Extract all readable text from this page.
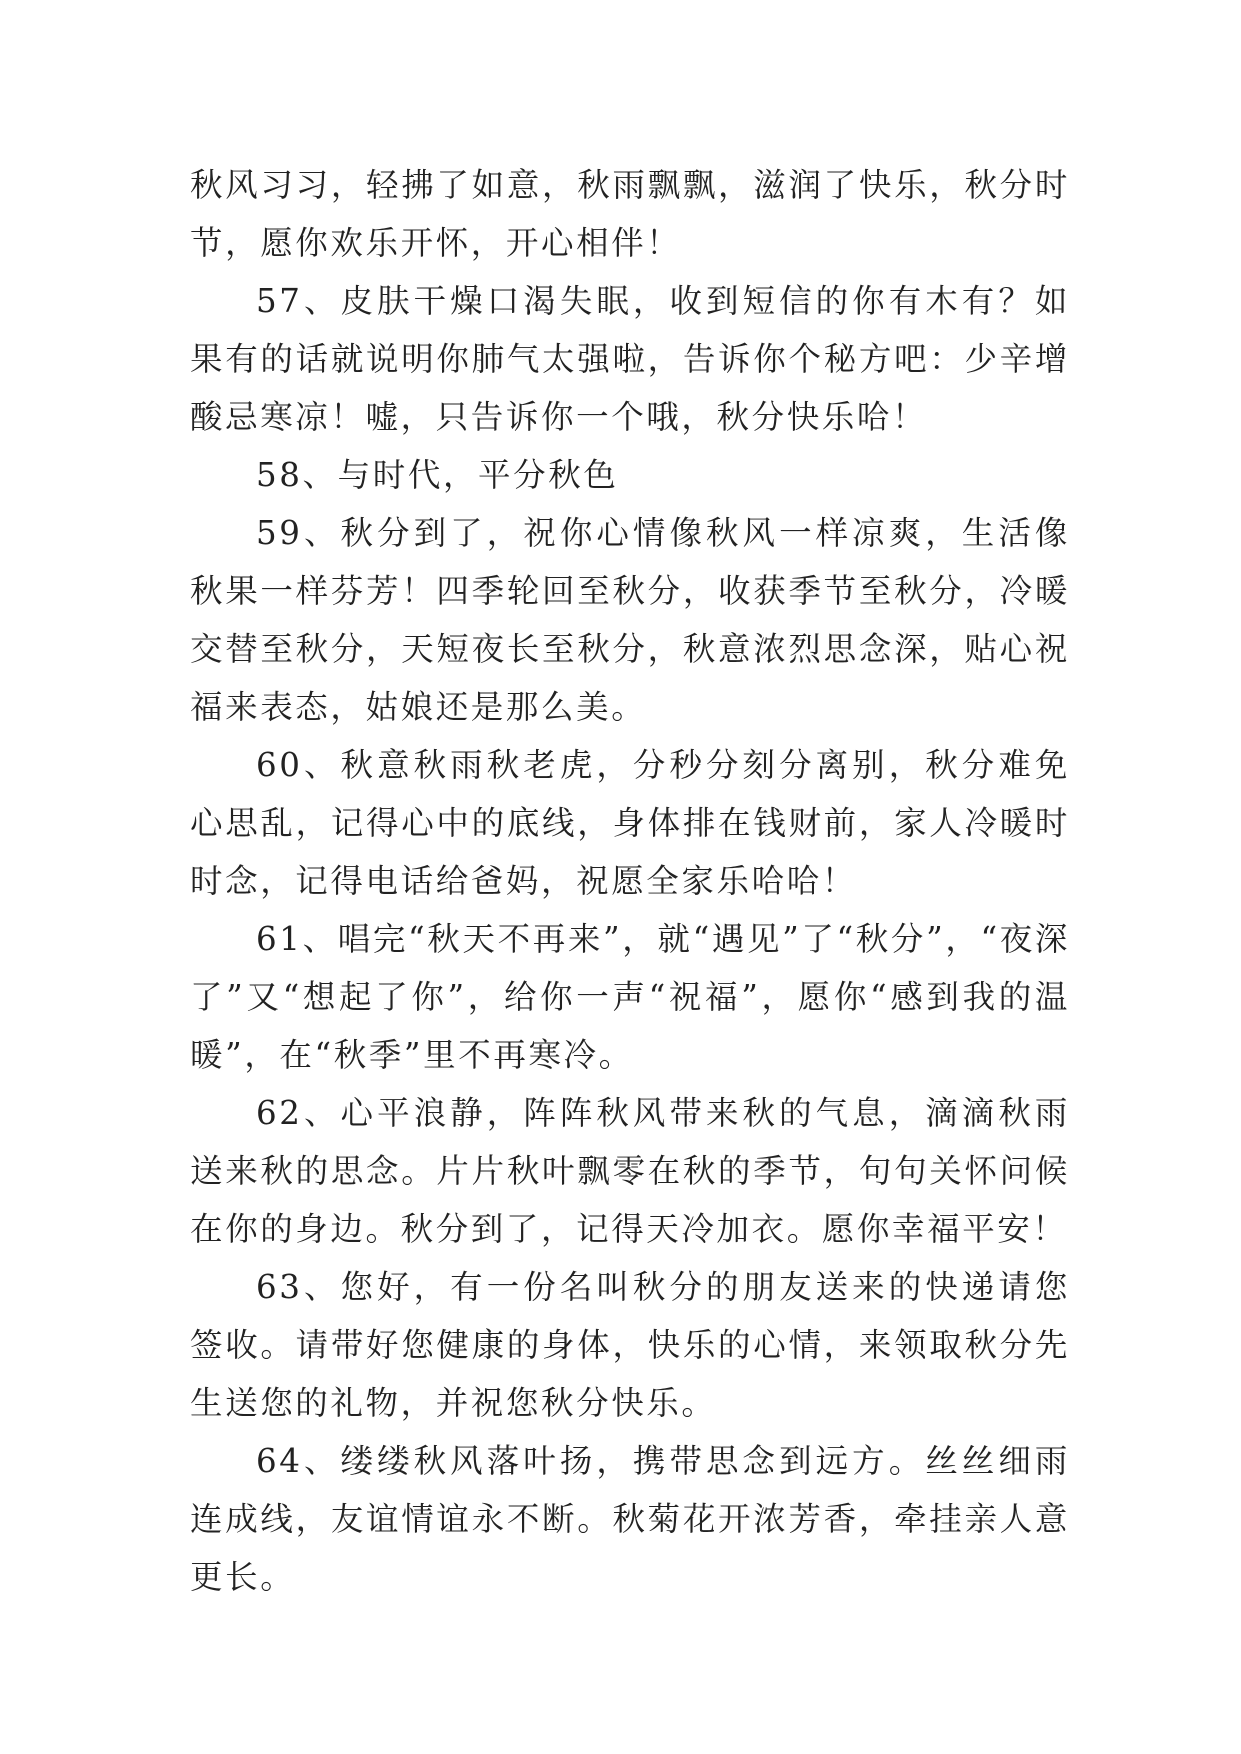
秋风习习，轻拂了如意，秋雨飘飘，滋润了快乐，秋分时节，愿你欢乐开怀，开心相伴！

57、皮肤干燥口渴失眠，收到短信的你有木有？如果有的话就说明你肺气太强啦，告诉你个秘方吧：少辛增酸忌寒凉！嘘，只告诉你一个哦，秋分快乐哈！

58、与时代，平分秋色

59、秋分到了，祝你心情像秋风一样凉爽，生活像秋果一样芬芳！四季轮回至秋分，收获季节至秋分，冷暖交替至秋分，天短夜长至秋分，秋意浓烈思念深，贴心祝福来表态，姑娘还是那么美。

60、秋意秋雨秋老虎，分秒分刻分离别，秋分难免心思乱，记得心中的底线，身体排在钱财前，家人冷暖时时念，记得电话给爸妈，祝愿全家乐哈哈！

61、唱完“秋天不再来”，就“遇见”了“秋分”，“夜深了”又“想起了你”，给你一声“祝福”，愿你“感到我的温暖”，在“秋季”里不再寒冷。

62、心平浪静，阵阵秋风带来秋的气息，滴滴秋雨送来秋的思念。片片秋叶飘零在秋的季节，句句关怀问候在你的身边。秋分到了，记得天冷加衣。愿你幸福平安！

63、您好，有一份名叫秋分的朋友送来的快递请您签收。请带好您健康的身体，快乐的心情，来领取秋分先生送您的礼物，并祝您秋分快乐。

64、缕缕秋风落叶扬，携带思念到远方。丝丝细雨连成线，友谊情谊永不断。秋菊花开浓芳香，牵挂亲人意更长。
